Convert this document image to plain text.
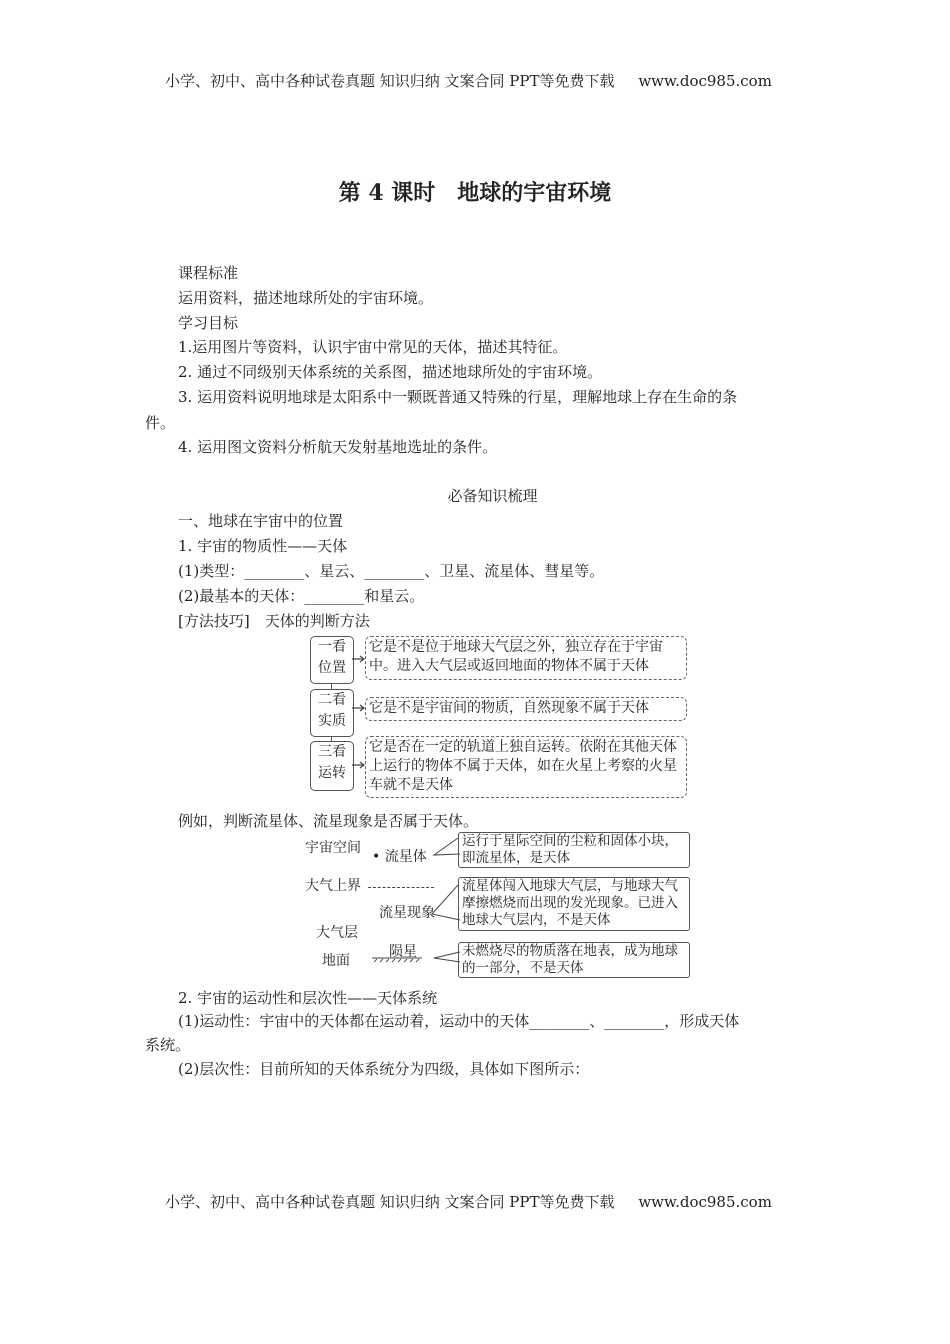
小学、初中、高中各种试卷真题 知识归纳 文案合同 PPT等免费下载 www.doc985.com
第 4 课时　地球的宇宙环境
课程标准
运用资料，描述地球所处的宇宙环境。
学习目标
1.运用图片等资料，认识宇宙中常见的天体，描述其特征。
2. 通过不同级别天体系统的关系图，描述地球所处的宇宙环境。
3. 运用资料说明地球是太阳系中一颗既普通又特殊的行星，理解地球上存在生命的条
件。
4. 运用图文资料分析航天发射基地选址的条件。
必备知识梳理
一、地球在宇宙中的位置
1. 宇宙的物质性——天体
(1)类型：________、星云、________、卫星、流星体、彗星等。
(2)最基本的天体：________和星云。
[方法技巧]　天体的判断方法
一看
位置
二看
实质
三看
运转
它是不是位于地球大气层之外，独立存在于宇宙中。进入大气层或返回地面的物体不属于天体
它是不是宇宙间的物质，自然现象不属于天体
它是否在一定的轨道上独自运转。依附在其他天体上运行的物体不属于天体，如在火星上考察的火星车就不是天体
例如，判断流星体、流星现象是否属于天体。
宇宙空间
• 流星体
大气上界
流星现象
大气层
陨星
地面
运行于星际空间的尘粒和固体小块，即流星体，是天体
流星体闯入地球大气层，与地球大气摩擦燃烧而出现的发光现象。已进入地球大气层内，不是天体
未燃烧尽的物质落在地表，成为地球的一部分，不是天体
2. 宇宙的运动性和层次性——天体系统
(1)运动性：宇宙中的天体都在运动着，运动中的天体________、________，形成天体
系统。
(2)层次性：目前所知的天体系统分为四级，具体如下图所示：
小学、初中、高中各种试卷真题 知识归纳 文案合同 PPT等免费下载 www.doc985.com
